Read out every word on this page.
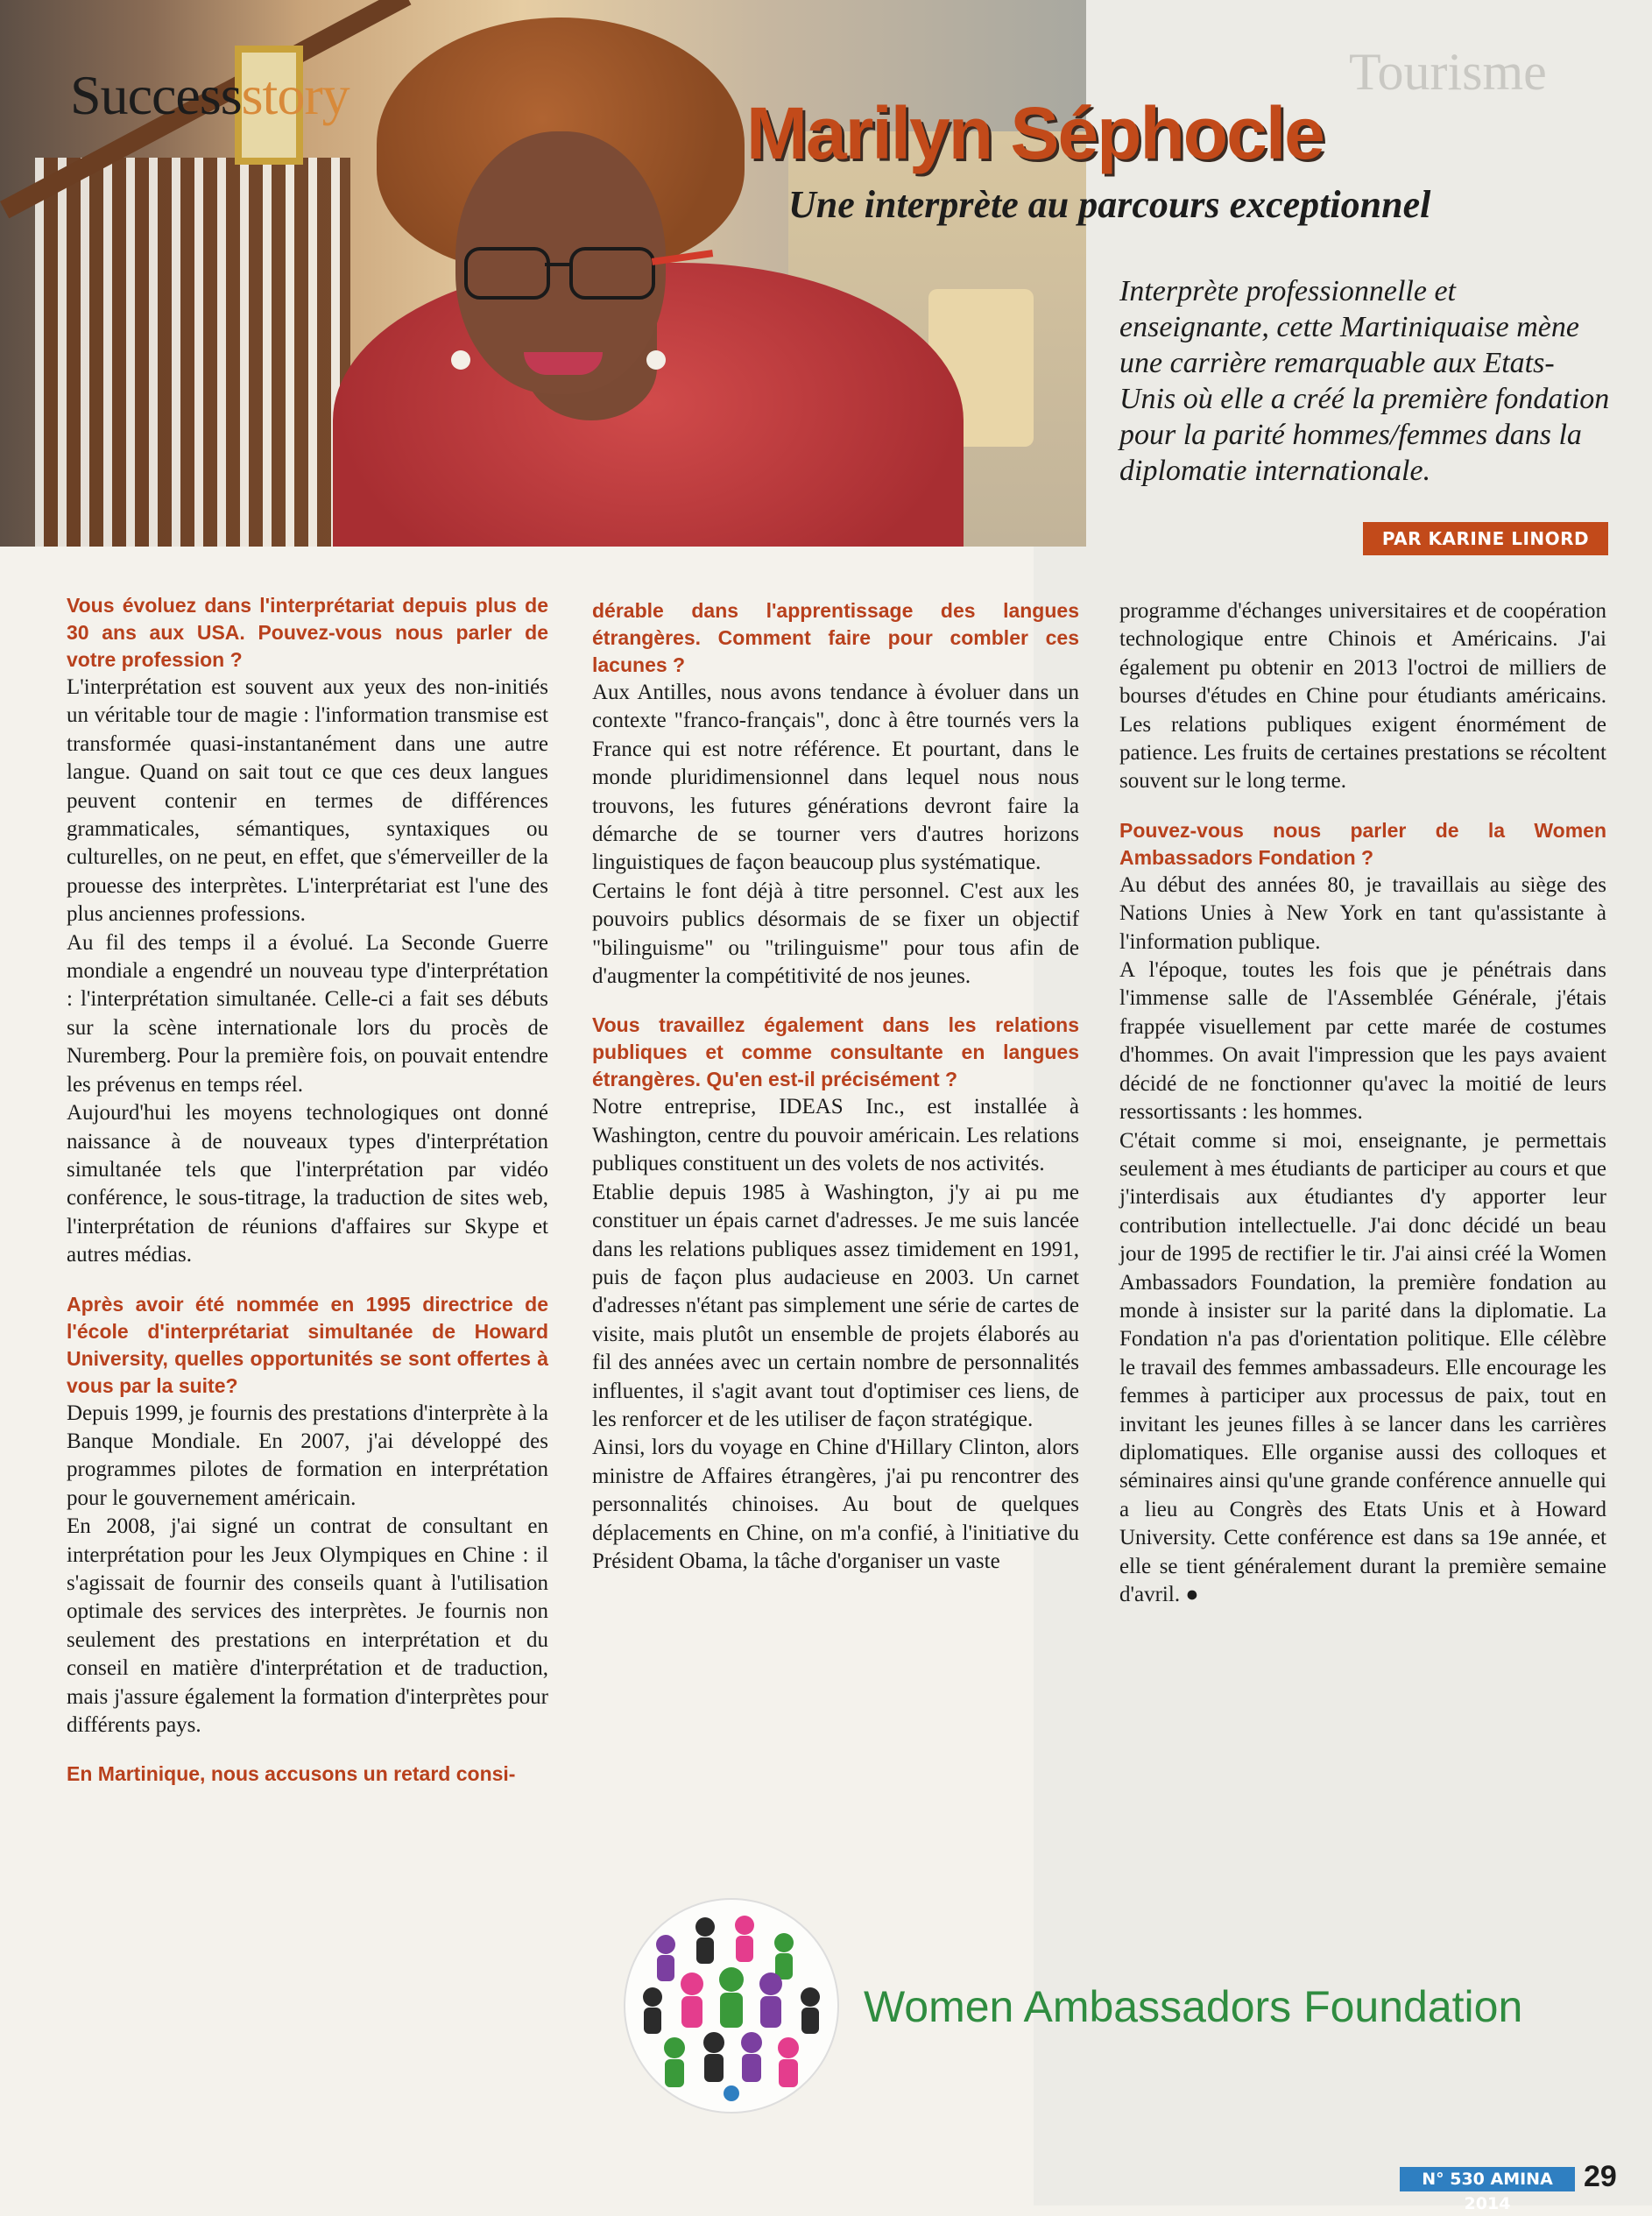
Tourisme
Successstory	Marilyn Séphocle
Une interprète au parcours exceptionnel
Interprète professionnelle et enseignante, cette Martiniquaise mène une carrière remarquable aux Etats-Unis où elle a créé la première fondation pour la parité hommes/femmes dans la diplomatie internationale.
PAR KARINE LINORD

Vous évoluez dans l'interprétariat depuis plus de 30 ans aux USA. Pouvez-vous nous parler de votre profession ?

L'interprétation est souvent aux yeux des non-initiés un véritable tour de magie : l'information transmise est transformée quasi-instantanément dans une autre langue. Quand on sait tout ce que ces deux langues peuvent contenir en termes de différences grammaticales, sémantiques, syntaxiques ou culturelles, on ne peut, en effet, que s'émerveiller de la prouesse des interprètes. L'interprétariat est l'une des plus anciennes professions.

Au fil des temps il a évolué. La Seconde Guerre mondiale a engendré un nouveau type d'interprétation : l'interprétation simultanée. Celle-ci a fait ses débuts sur la scène internationale lors du procès de Nuremberg. Pour la première fois, on pouvait entendre les prévenus en temps réel.

Aujourd'hui les moyens technologiques ont donné naissance à de nouveaux types d'interprétation simultanée tels que l'interprétation par vidéo conférence, le sous-titrage, la traduction de sites web, l'interprétation de réunions d'affaires sur Skype et autres médias.

Après avoir été nommée en 1995 directrice de l'école d'interprétariat simultanée de Howard University, quelles opportunités se sont offertes à vous par la suite?

Depuis 1999, je fournis des prestations d'interprète à la Banque Mondiale. En 2007, j'ai développé des programmes pilotes de formation en interprétation pour le gouvernement américain.

En 2008, j'ai signé un contrat de consultant en interprétation pour les Jeux Olympiques en Chine : il s'agissait de fournir des conseils quant à l'utilisation optimale des services des interprètes. Je fournis non seulement des prestations en interprétation et du conseil en matière d'interprétation et de traduction, mais j'assure également la formation d'interprètes pour différents pays.

En Martinique, nous accusons un retard consi-

dérable dans l'apprentissage des langues étrangères. Comment faire pour combler ces lacunes ?

Aux Antilles, nous avons tendance à évoluer dans un contexte "franco-français", donc à être tournés vers la France qui est notre référence. Et pourtant, dans le monde pluridimensionnel dans lequel nous nous trouvons, les futures générations devront faire la démarche de se tourner vers d'autres horizons linguistiques de façon beaucoup plus systématique.

Certains le font déjà à titre personnel. C'est aux les pouvoirs publics désormais de se fixer un objectif "bilinguisme" ou "trilinguisme" pour tous afin de d'augmenter la compétitivité de nos jeunes.

Vous travaillez également dans les relations publiques et comme consultante en langues étrangères. Qu'en est-il précisément ?

Notre entreprise, IDEAS Inc., est installée à Washington, centre du pouvoir américain. Les relations publiques constituent un des volets de nos activités.

Etablie depuis 1985 à Washington, j'y ai pu me constituer un épais carnet d'adresses. Je me suis lancée dans les relations publiques assez timidement en 1991, puis de façon plus audacieuse en 2003. Un carnet d'adresses n'étant pas simplement une série de cartes de visite, mais plutôt un ensemble de projets élaborés au fil des années avec un certain nombre de personnalités influentes, il s'agit avant tout d'optimiser ces liens, de les renforcer et de les utiliser de façon stratégique.

Ainsi, lors du voyage en Chine d'Hillary Clinton, alors ministre de Affaires étrangères, j'ai pu rencontrer des personnalités chinoises. Au bout de quelques déplacements en Chine, on m'a confié, à l'initiative du Président Obama, la tâche d'organiser un vaste

programme d'échanges universitaires et de coopération technologique entre Chinois et Américains. J'ai également pu obtenir en 2013 l'octroi de milliers de bourses d'études en Chine pour étudiants américains. Les relations publiques exigent énormément de patience. Les fruits de certaines prestations se récoltent souvent sur le long terme.

Pouvez-vous nous parler de la Women Ambassadors Fondation ?

Au début des années 80, je travaillais au siège des Nations Unies à New York en tant qu'assistante à l'information publique.

A l'époque, toutes les fois que je pénétrais dans l'immense salle de l'Assemblée Générale, j'étais frappée visuellement par cette marée de costumes d'hommes. On avait l'impression que les pays avaient décidé de ne fonctionner qu'avec la moitié de leurs ressortissants : les hommes.

C'était comme si moi, enseignante, je permettais seulement à mes étudiants de participer au cours et que j'interdisais aux étudiantes d'y apporter leur contribution intellectuelle. J'ai donc décidé un beau jour de 1995 de rectifier le tir. J'ai ainsi créé la Women Ambassadors Foundation, la première fondation au monde à insister sur la parité dans la diplomatie. La Fondation n'a pas d'orientation politique. Elle célèbre le travail des femmes ambassadeurs. Elle encourage les femmes à participer aux processus de paix, tout en invitant les jeunes filles à se lancer dans les carrières diplomatiques. Elle organise aussi des colloques et séminaires ainsi qu'une grande conférence annuelle qui a lieu au Congrès des Etats Unis et à Howard University. Cette conférence est dans sa 19e année, et elle se tient généralement durant la première semaine d'avril. ●

Women Ambassadors Foundation
N° 530 AMINA 2014
29
